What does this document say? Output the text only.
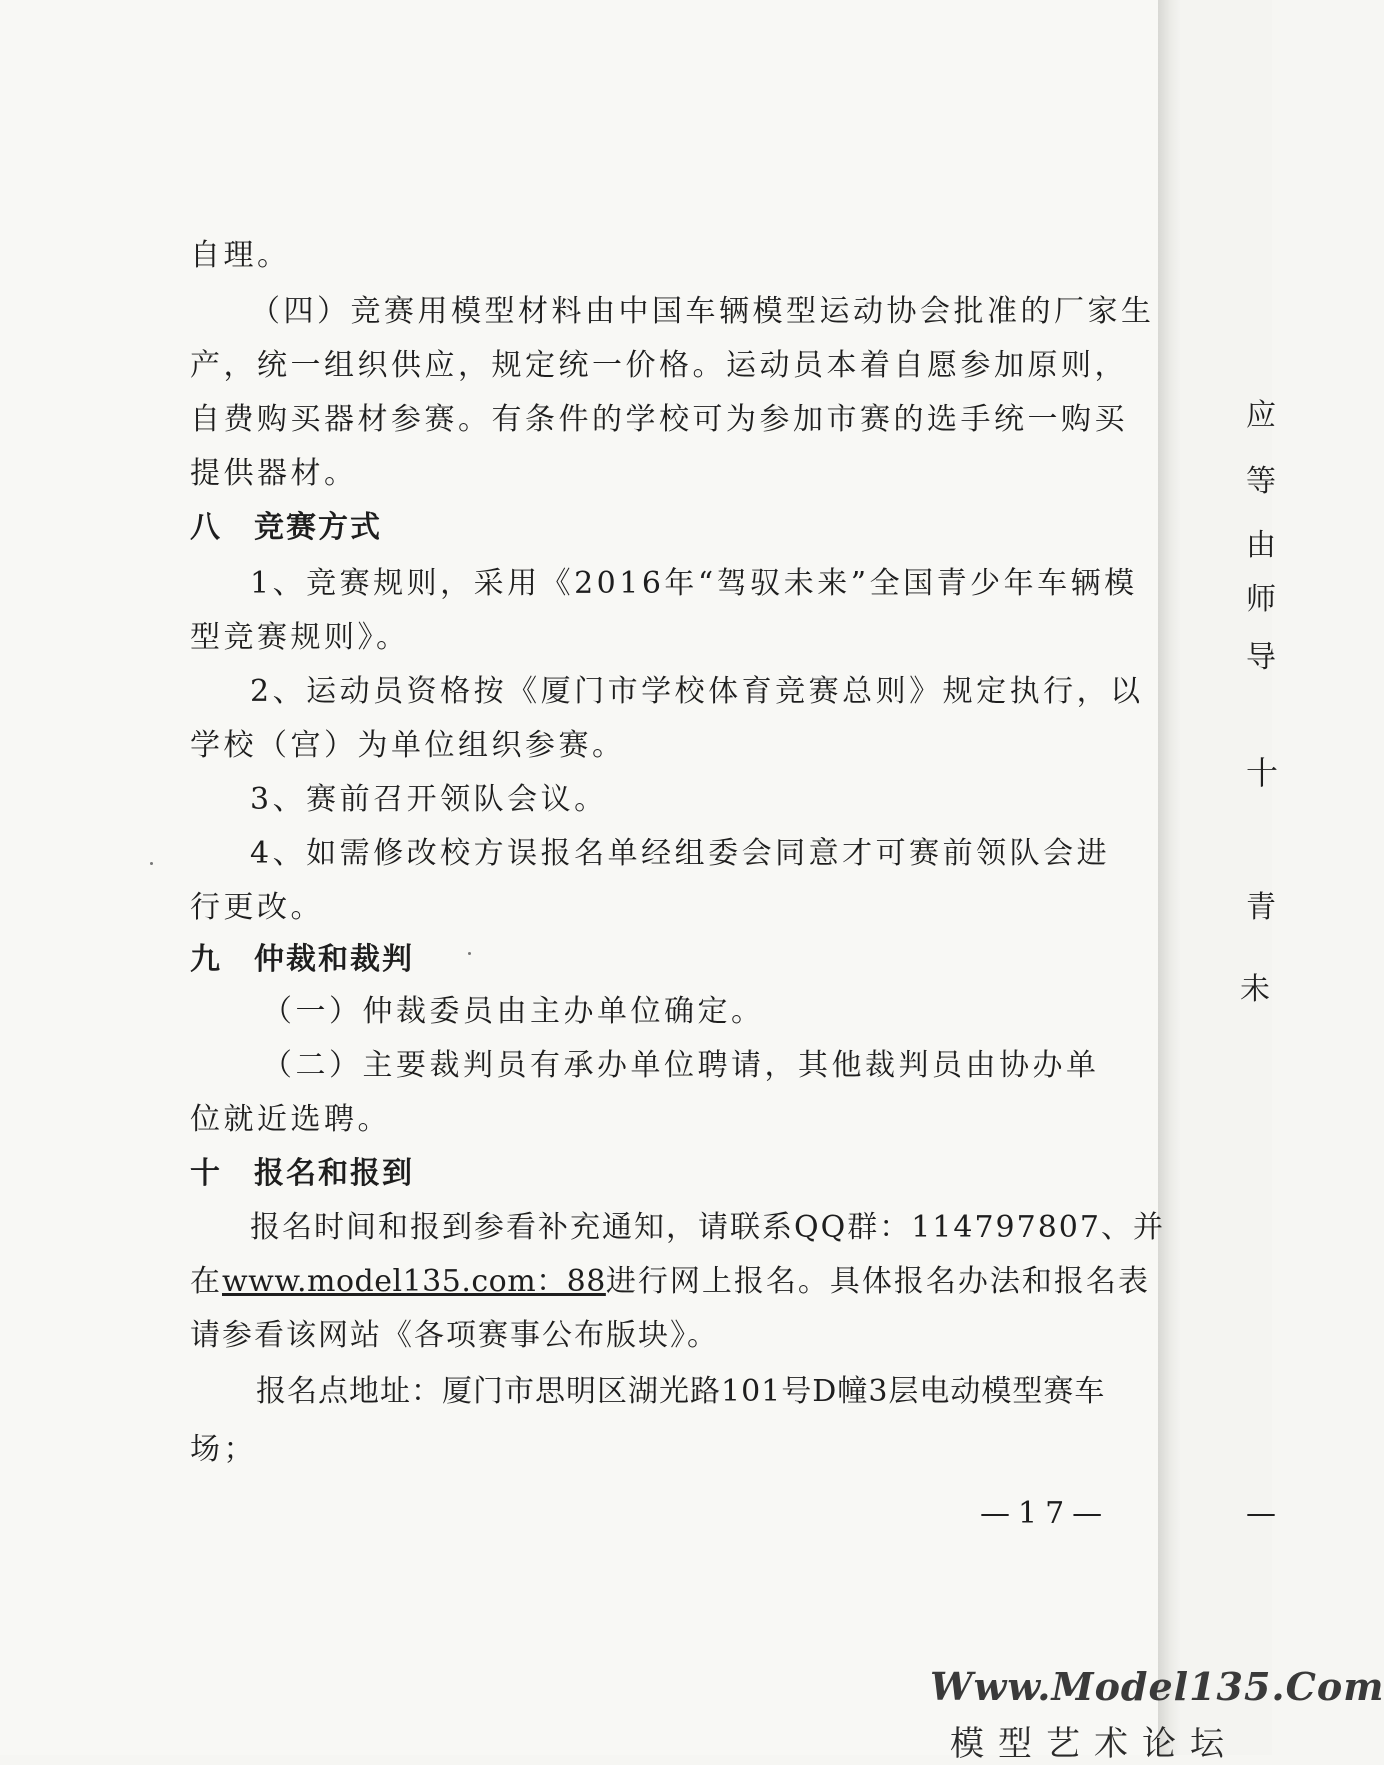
应
等
由
师
导
十
青
未
—
自理。
（四）竞赛用模型材料由中国车辆模型运动协会批准的厂家生
产，统一组织供应，规定统一价格。运动员本着自愿参加原则，
自费购买器材参赛。有条件的学校可为参加市赛的选手统一购买
提供器材。
八 竞赛方式
1、竞赛规则，采用《2016年“驾驭未来”全国青少年车辆模
型竞赛规则》。
2、运动员资格按《厦门市学校体育竞赛总则》规定执行，以
学校（宫）为单位组织参赛。
3、赛前召开领队会议。
4、如需修改校方误报名单经组委会同意才可赛前领队会进
行更改。
九 仲裁和裁判
（一）仲裁委员由主办单位确定。
（二）主要裁判员有承办单位聘请，其他裁判员由协办单
位就近选聘。
十 报名和报到
报名时间和报到参看补充通知，请联系QQ群：114797807、并
在www.model135.com：88进行网上报名。具体报名办法和报名表
请参看该网站《各项赛事公布版块》。
报名点地址：厦门市思明区湖光路101号D幢3层电动模型赛车
场；
—17—
Www.Model135.Com
模型艺术论坛
